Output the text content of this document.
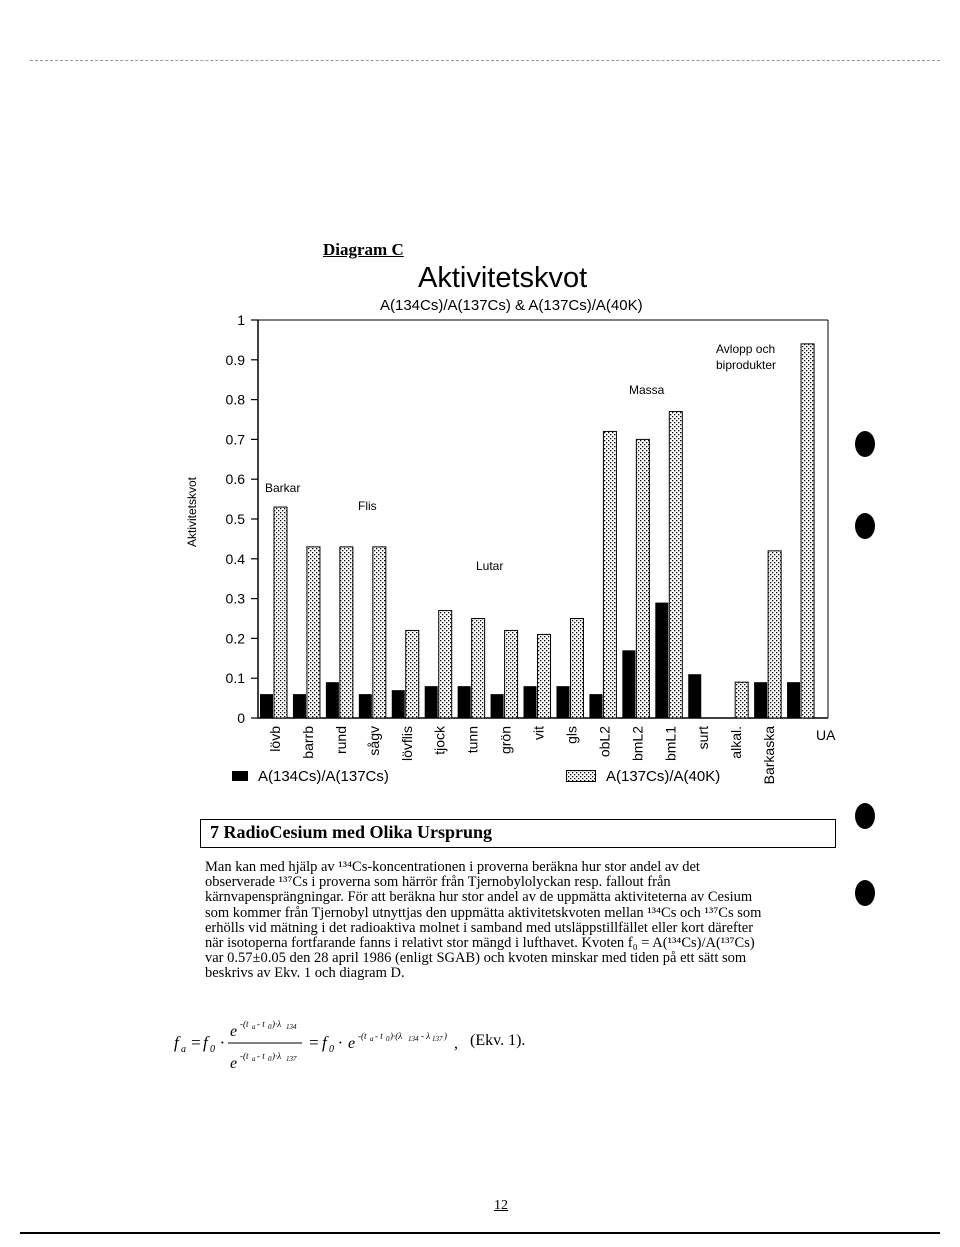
Diagram C
Aktivitetskvot
A(134Cs)/A(137Cs) & A(137Cs)/A(40K)
0
0.1
0.2
0.3
0.4
0.5
0.6
0.7
0.8
0.9
1
Aktivitetskvot
lövb barrb rund sågv lövflis tjock tunn grön vit gls obL2 bmL2 bmL1 surt alkal. Barkaska	UA
Barkar
Flis
Lutar
Massa
Avlopp och
biprodukter
A(134Cs)/A(137Cs)	A(137Cs)/A(40K)
7 RadioCesium med Olika Ursprung
Man kan med hjälp av ¹³⁴Cs-koncentrationen i proverna beräkna hur stor andel av det
observerade ¹³⁷Cs i proverna som härrör från Tjernobylolyckan resp. fallout från
kärnvapensprängningar. För att beräkna hur stor andel av de uppmätta aktiviteterna av Cesium
som kommer från Tjernobyl utnyttjas den uppmätta aktivitetskvoten mellan ¹³⁴Cs och ¹³⁷Cs som
erhölls vid mätning i det radioaktiva molnet i samband med utsläppstillfället eller kort därefter
när isotoperna fortfarande fanns i relativt stor mängd i lufthavet. Kvoten f₀ = A(¹³⁴Cs)/A(¹³⁷Cs)
var 0.57±0.05 den 28 april 1986 (enligt SGAB) och kvoten minskar med tiden på ett sätt som
beskrivs av Ekv. 1 och diagram D.
f a = f 0 ·
e -(t a - t 0 )·λ 134
e -(t a - t 0 )·λ 137
= f 0 · e -(t a - t 0 )·(λ 134 - λ 137 ) , (Ekv. 1).
12
